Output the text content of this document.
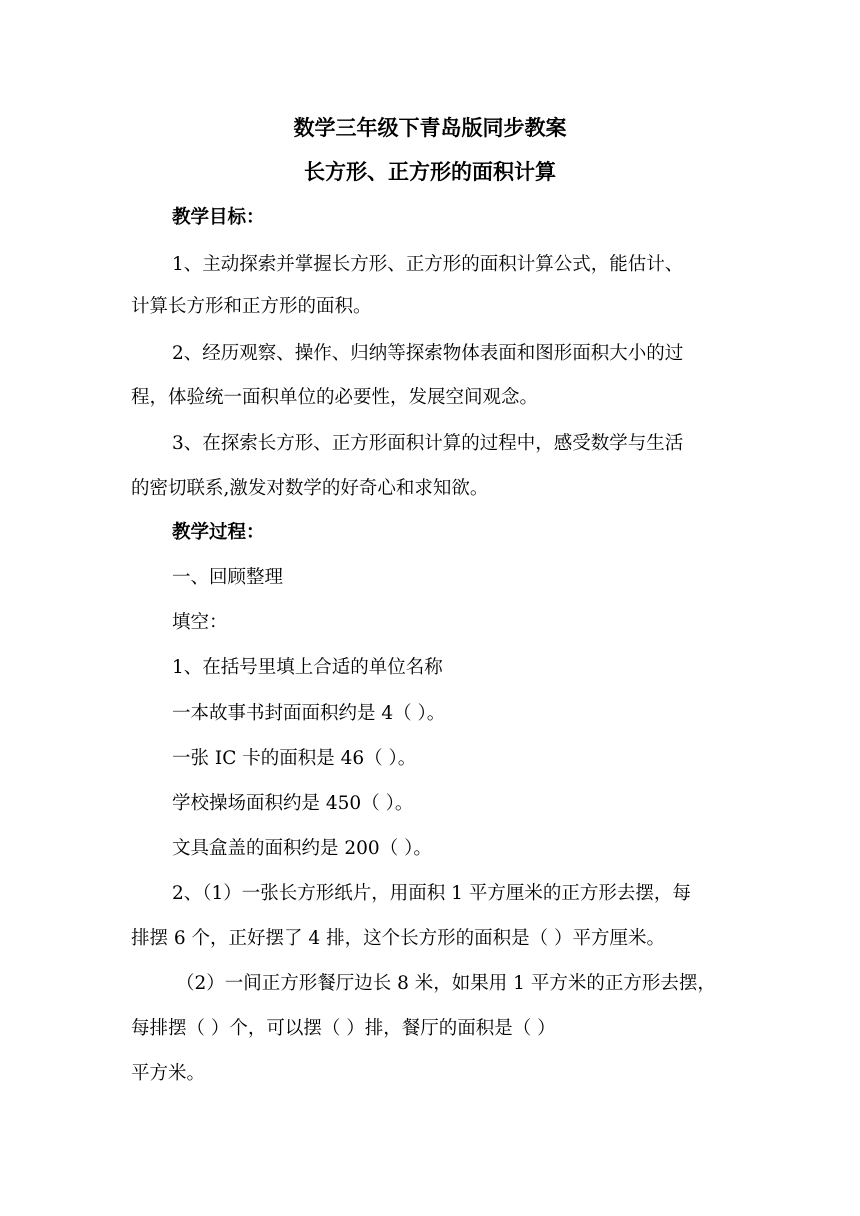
数学三年级下青岛版同步教案
长方形、正方形的面积计算
教学目标：
1、主动探索并掌握长方形、正方形的面积计算公式，能估计、
计算长方形和正方形的面积。
2、经历观察、操作、归纳等探索物体表面和图形面积大小的过
程，体验统一面积单位的必要性，发展空间观念。
3、在探索长方形、正方形面积计算的过程中，感受数学与生活
的密切联系,激发对数学的好奇心和求知欲。
教学过程：
一、回顾整理
填空：
1、在括号里填上合适的单位名称
一本故事书封面面积约是 4（ ）。
一张 IC 卡的面积是 46（ ）。
学校操场面积约是 450（ ）。
文具盒盖的面积约是 200（ ）。
2、（1）一张长方形纸片，用面积 1 平方厘米的正方形去摆，每
排摆 6 个，正好摆了 4 排，这个长方形的面积是（ ）平方厘米。
（2）一间正方形餐厅边长 8 米，如果用 1 平方米的正方形去摆，
每排摆（ ）个，可以摆（ ）排，餐厅的面积是（ ）
平方米。
